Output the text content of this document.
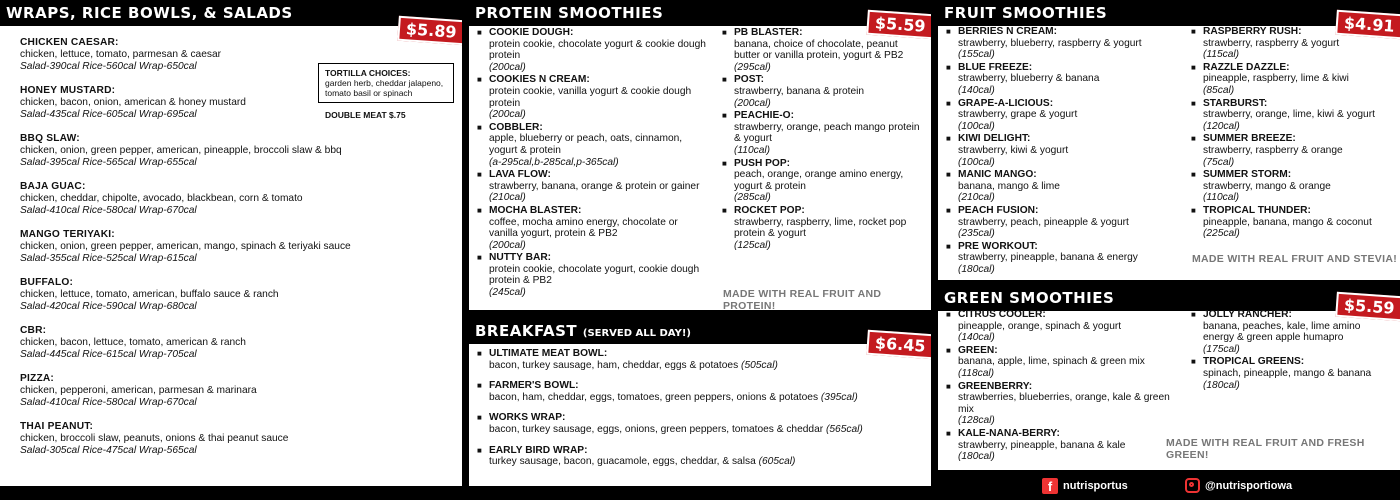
WRAPS, RICE BOWLS, & SALADS
$5.89
CHICKEN CAESAR:
chicken, lettuce, tomato, parmesan & caesar
Salad-390cal Rice-560cal Wrap-650cal
HONEY MUSTARD:
chicken, bacon, onion, american & honey mustard
Salad-435cal Rice-605cal Wrap-695cal
BBQ SLAW:
chicken, onion, green pepper, american, pineapple, broccoli slaw & bbq
Salad-395cal Rice-565cal Wrap-655cal
BAJA GUAC:
chicken, cheddar, chipolte, avocado, blackbean, corn & tomato
Salad-410cal Rice-580cal Wrap-670cal
MANGO TERIYAKI:
chicken, onion, green pepper, american, mango, spinach & teriyaki sauce
Salad-355cal Rice-525cal Wrap-615cal
BUFFALO:
chicken, lettuce, tomato, american, buffalo sauce & ranch
Salad-420cal Rice-590cal Wrap-680cal
CBR:
chicken, bacon, lettuce, tomato, american & ranch
Salad-445cal Rice-615cal Wrap-705cal
PIZZA:
chicken, pepperoni, american, parmesan & marinara
Salad-410cal Rice-580cal Wrap-670cal
THAI PEANUT:
chicken, broccoli slaw, peanuts, onions & thai peanut sauce
Salad-305cal Rice-475cal Wrap-565cal
TORTILLA CHOICES:
garden herb, cheddar jalapeno, tomato basil or spinach
DOUBLE MEAT $.75
PROTEIN SMOOTHIES
$5.59
■ COOKIE DOUGH:
protein cookie, chocolate yogurt & cookie dough protein
(200cal)
■ COOKIES N CREAM:
protein cookie, vanilla yogurt & cookie dough protein
(200cal)
■ COBBLER:
apple, blueberry or peach, oats, cinnamon, yogurt & protein
(a-295cal,b-285cal,p-365cal)
■ LAVA FLOW:
strawberry, banana, orange & protein or gainer
(210cal)
■ MOCHA BLASTER:
coffee, mocha amino energy, chocolate or vanilla yogurt, protein & PB2
(200cal)
■ NUTTY BAR:
protein cookie, chocolate yogurt, cookie dough protein & PB2
(245cal)
■ PB BLASTER:
banana, choice of chocolate, peanut butter or vanilla protein, yogurt & PB2
(295cal)
■ POST:
strawberry, banana & protein
(200cal)
■ PEACHIE-O:
strawberry, orange, peach mango protein & yogurt
(110cal)
■ PUSH POP:
peach, orange, orange amino energy, yogurt & protein
(285cal)
■ ROCKET POP:
strawberry, raspberry, lime, rocket pop protein & yogurt
(125cal)
MADE WITH REAL FRUIT AND PROTEIN!
BREAKFAST (SERVED ALL DAY!)	$6.45
■ ULTIMATE MEAT BOWL:
bacon, turkey sausage, ham, cheddar, eggs & potatoes (505cal)
■ FARMER'S BOWL:
bacon, ham, cheddar, eggs, tomatoes, green peppers, onions & potatoes (395cal)
■ WORKS WRAP:
bacon, turkey sausage, eggs, onions, green peppers, tomatoes & cheddar (565cal)
■ EARLY BIRD WRAP:
turkey sausage, bacon, guacamole, eggs, cheddar, & salsa (605cal)
FRUIT SMOOTHIES
$4.91
■ BERRIES N CREAM:
strawberry, blueberry, raspberry & yogurt
(155cal)
■ BLUE FREEZE:
strawberry, blueberry & banana
(140cal)
■ GRAPE-A-LICIOUS:
strawberry, grape & yogurt
(100cal)
■ KIWI DELIGHT:
strawberry, kiwi & yogurt
(100cal)
■ MANIC MANGO:
banana, mango & lime
(210cal)
■ PEACH FUSION:
strawberry, peach, pineapple & yogurt
(235cal)
■ PRE WORKOUT:
strawberry, pineapple, banana & energy
(180cal)
■ RASPBERRY RUSH:
strawberry, raspberry & yogurt
(115cal)
■ RAZZLE DAZZLE:
pineapple, raspberry, lime & kiwi
(85cal)
■ STARBURST:
strawberry, orange, lime, kiwi & yogurt
(120cal)
■ SUMMER BREEZE:
strawberry, raspberry & orange
(75cal)
■ SUMMER STORM:
strawberry, mango & orange
(110cal)
■ TROPICAL THUNDER:
pineapple, banana, mango & coconut
(225cal)
MADE WITH REAL FRUIT AND STEVIA!
GREEN SMOOTHIES	$5.59
■ CITRUS COOLER:
pineapple, orange, spinach & yogurt
(140cal)
■ GREEN:
banana, apple, lime, spinach & green mix
(118cal)
■ GREENBERRY:
strawberries, blueberries, orange, kale & green mix
(128cal)
■ KALE-NANA-BERRY:
strawberry, pineapple, banana & kale
(180cal)
■ JOLLY RANCHER:
banana, peaches, kale, lime amino energy & green apple humapro
(175cal)
■ TROPICAL GREENS:
spinach, pineapple, mango & banana
(180cal)
MADE WITH REAL FRUIT AND FRESH GREEN!
f nutrisportus	@nutrisportiowa
